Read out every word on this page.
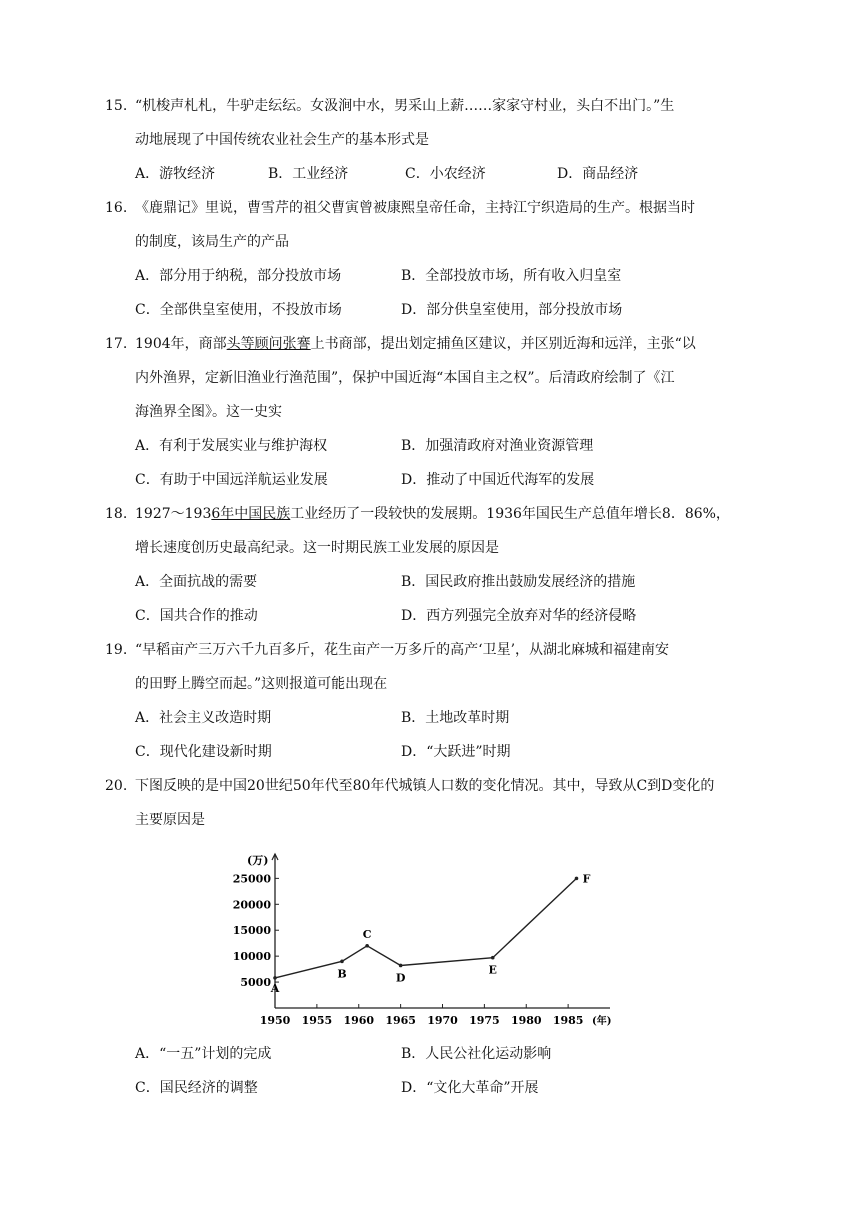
15. “机梭声札札，牛驴走纭纭。女汲涧中水，男采山上薪……家家守村业，头白不出门。”生
动地展现了中国传统农业社会生产的基本形式是
A．游牧经济	B．工业经济	C．小农经济	D．商品经济
16. 《鹿鼎记》里说，曹雪芹的祖父曹寅曾被康熙皇帝任命，主持江宁织造局的生产。根据当时
的制度，该局生产的产品
A．部分用于纳税，部分投放市场	B．全部投放市场，所有收入归皇室
C．全部供皇室使用，不投放市场	D．部分供皇室使用，部分投放市场
17. 1904年，商部头等顾问张謇上书商部，提出划定捕鱼区建议，并区别近海和远洋，主张“以
内外渔界，定新旧渔业行渔范围”，保护中国近海“本国自主之权”。后清政府绘制了《江
海渔界全图》。这一史实
A．有利于发展实业与维护海权	B．加强清政府对渔业资源管理
C．有助于中国远洋航运业发展	D．推动了中国近代海军的发展
18. 1927～1936年中国民族工业经历了一段较快的发展期。1936年国民生产总值年增长8．86%，
增长速度创历史最高纪录。这一时期民族工业发展的原因是
A．全面抗战的需要	B．国民政府推出鼓励发展经济的措施
C．国共合作的推动	D．西方列强完全放弃对华的经济侵略
19. “早稻亩产三万六千九百多斤，花生亩产一万多斤的高产‘卫星’，从湖北麻城和福建南安
的田野上腾空而起。”这则报道可能出现在
A．社会主义改造时期	B．土地改革时期
C．现代化建设新时期	D．“大跃进”时期
20. 下图反映的是中国20世纪50年代至80年代城镇人口数的变化情况。其中，导致从C到D变化的
主要原因是
(万)
(年)
1950 1955 1960 1965 1970 1975 1980 1985
5000
10000
15000
20000
25000
A
B
C
D
E
F
A．“一五”计划的完成	B．人民公社化运动影响
C．国民经济的调整	D．“文化大革命”开展
